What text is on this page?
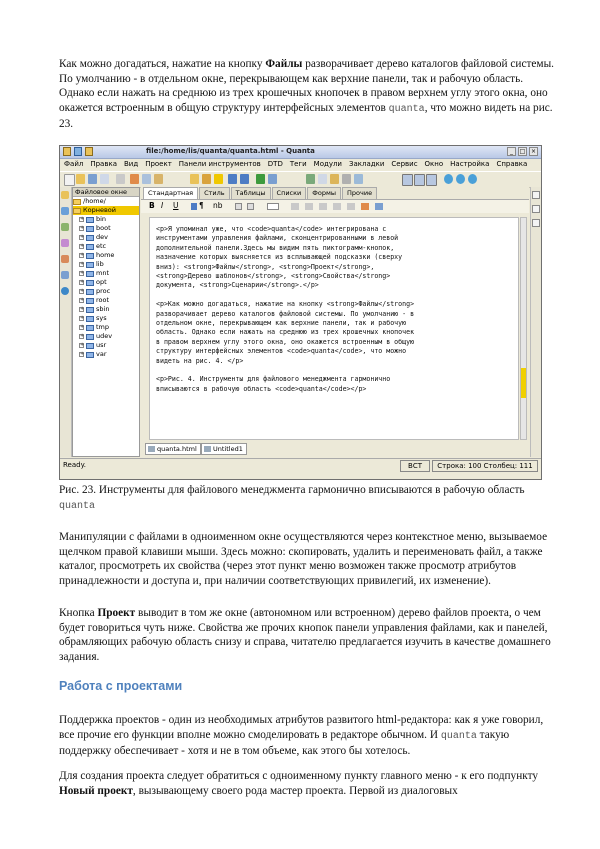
Как можно догадаться, нажатие на кнопку Файлы разворачивает дерево каталогов файловой системы. По умолчанию - в отдельном окне, перекрывающем как верхние панели, так и рабочую область. Однако если нажать на среднюю из трех крошечных кнопочек в правом верхнем углу этого окна, оно окажется встроенным в общую структуру интерфейсных элементов quanta, что можно видеть на рис. 23.

file:/home/lis/quanta/quanta.html - Quanta	_	□ ×
Файл Правка Вид Проект Панели инструментов DTD Теги Модули Закладки Сервис Окно Настройка Справка
Файловое окне
/home/
Корневой
+ bin
+ boot
+ dev
+ etc
+ home
+ lib
+ mnt
+ opt
+ proc
+ root
+ sbin
+ sys
+ tmp
+ udev
+ usr
+ var
Стандартная	Стиль	Таблицы	Списки	Формы	Прочие
B I U	¶ nb
<p>Я упоминал уже, что <code>quanta</code> интегрирована с
инструментами управления файлами, сконцентрированными в левой
дополнительной панели.Здесь мы видим пять пиктограмм-кнопок,
назначение которых выясняется из всплывающей подсказки (сверху
вниз): <strong>Файлы</strong>, <strong>Проект</strong>,
<strong>Дерево шаблонов</strong>, <strong>Свойства</strong>
документа, <strong>Сценарии</strong>.</p>
<p>Как можно догадаться, нажатие на кнопку <strong>Файлы</strong>
разворачивает дерево каталогов файловой системы. По умолчанию - в
отдельном окне, перекрывающем как верхние панели, так и рабочую
область. Однако если нажать на среднюю из трех крошечных кнопочек
в правом верхнем углу этого окна, оно окажется встроенным в общую
структуру интерфейсных элементов <code>quanta</code>, что можно
видеть на рис. 4. </p>
<p>Рис. 4. Инструменты для файлового менеджмента гармонично
вписываются в рабочую область <code>quanta</code></p>
quanta.html	Untitled1
Ready.	ВСТ	Строка: 100 Столбец: 111

Рис. 23. Инструменты для файлового менеджмента гармонично вписываются в рабочую область quanta

Манипуляции с файлами в одноименном окне осуществляются через контекстное меню, вызываемое щелчком правой клавиши мыши. Здесь можно: скопировать, удалить и переименовать файл, а также каталог, просмотреть их свойства (через этот пункт меню возможен также просмотр атрибутов принадлежности и доступа и, при наличии соответствующих привилегий, их изменение).

Кнопка Проект выводит в том же окне (автономном или встроенном) дерево файлов проекта, о чем будет говориться чуть ниже. Свойства же прочих кнопок панели управления файлами, как и панелей, обрамляющих рабочую область снизу и справа, читателю предлагается изучить в качестве домашнего задания.

Работа с проектами

Поддержка проектов - один из необходимых атрибутов развитого html-редактора: как я уже говорил, все прочие его функции вполне можно смоделировать в редакторе обычном. И quanta такую поддержку обеспечивает - хотя и не в том объеме, как этого бы хотелось.

Для создания проекта следует обратиться с одноименному пункту главного меню - к его подпункту Новый проект, вызывающему своего рода мастер проекта. Первой из диалоговых
